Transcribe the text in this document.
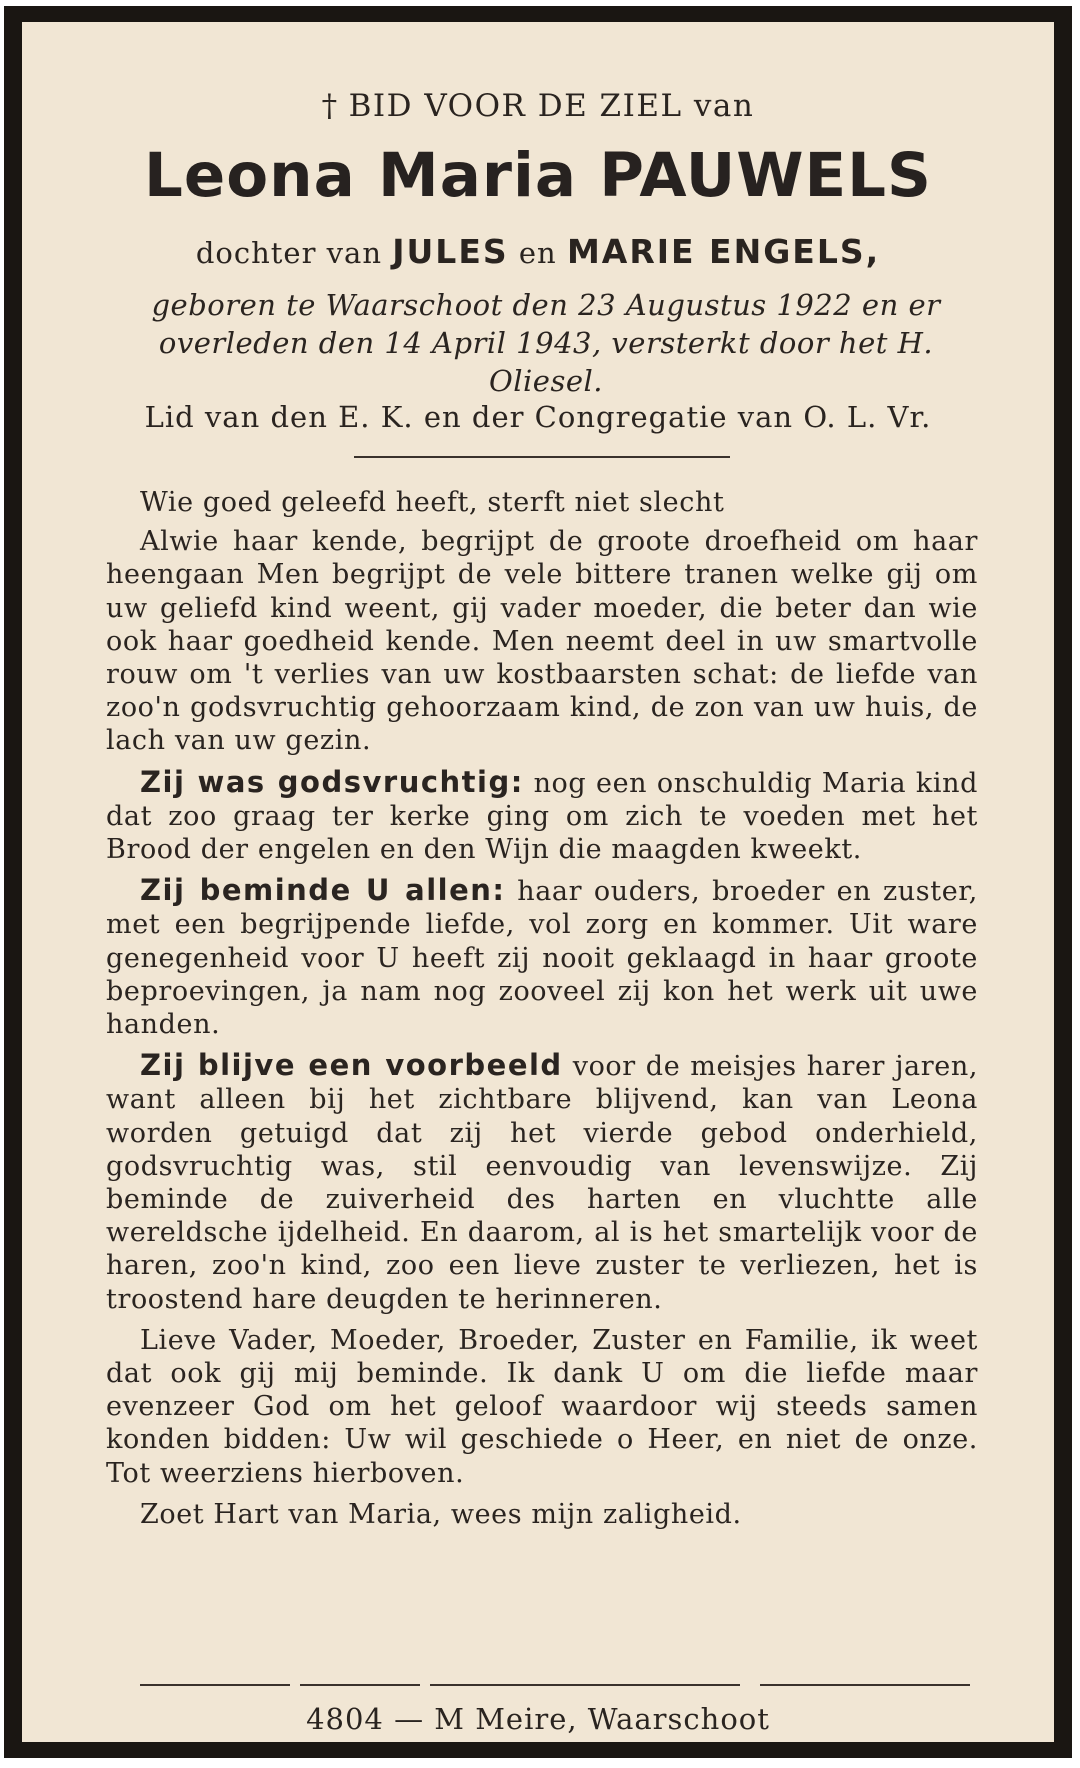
† BID VOOR DE ZIEL van
Leona Maria PAUWELS
dochter van JULES en MARIE ENGELS,
geboren te Waarschoot den 23 Augustus 1922 en er overleden den 14 April 1943, versterkt door het H. Oliesel.
Lid van den E. K. en der Congregatie van O. L. Vr.

Wie goed geleefd heeft, sterft niet slecht

Alwie haar kende, begrijpt de groote droefheid om haar heengaan Men begrijpt de vele bittere tranen welke gij om uw geliefd kind weent, gij vader moeder, die beter dan wie ook haar goedheid kende. Men neemt deel in uw smartvolle rouw om 't verlies van uw kostbaarsten schat: de liefde van zoo'n godsvruchtig gehoorzaam kind, de zon van uw huis, de lach van uw gezin.

Zij was godsvruchtig: nog een onschuldig Maria kind dat zoo graag ter kerke ging om zich te voeden met het Brood der engelen en den Wijn die maagden kweekt.

Zij beminde U allen: haar ouders, broeder en zuster, met een begrijpende liefde, vol zorg en kommer. Uit ware genegenheid voor U heeft zij nooit geklaagd in haar groote beproevingen, ja nam nog zooveel zij kon het werk uit uwe handen.

Zij blijve een voorbeeld voor de meisjes harer jaren, want alleen bij het zichtbare blijvend, kan van Leona worden getuigd dat zij het vierde gebod onderhield, godsvruchtig was, stil eenvoudig van levenswijze. Zij beminde de zuiverheid des harten en vluchtte alle wereldsche ijdelheid. En daarom, al is het smartelijk voor de haren, zoo'n kind, zoo een lieve zuster te verliezen, het is troostend hare deugden te herinneren.

Lieve Vader, Moeder, Broeder, Zuster en Familie, ik weet dat ook gij mij beminde. Ik dank U om die liefde maar evenzeer God om het geloof waardoor wij steeds samen konden bidden: Uw wil geschiede o Heer, en niet de onze. Tot weerziens hierboven.

Zoet Hart van Maria, wees mijn zaligheid.

4804 — M Meire, Waarschoot
